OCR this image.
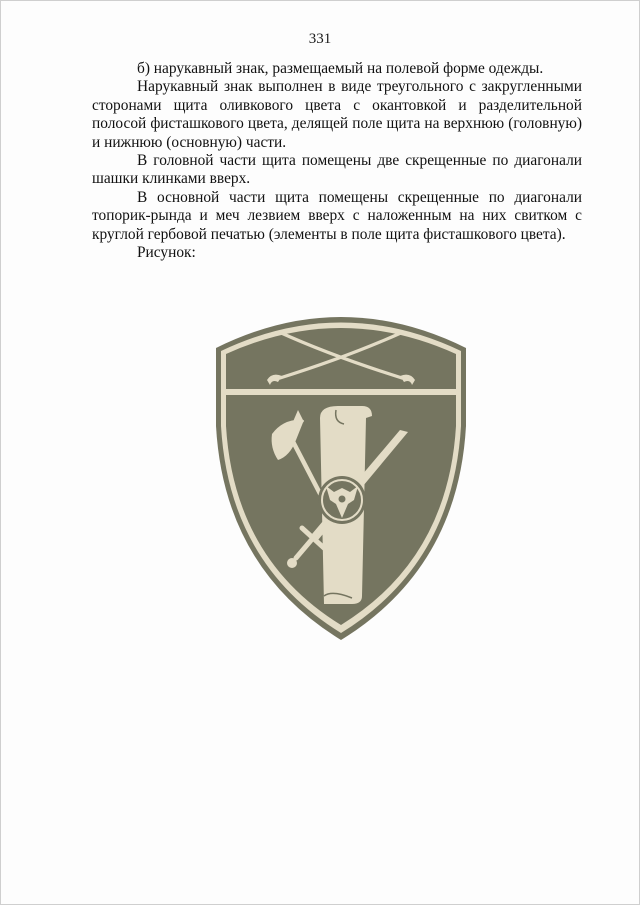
331

б) нарукавный знак, размещаемый на полевой форме одежды.

Нарукавный знак выполнен в виде треугольного с закругленными сторонами щита оливкового цвета с окантовкой и разделительной полосой фисташкового цвета, делящей поле щита на верхнюю (головную) и нижнюю (основную) части.

В головной части щита помещены две скрещенные по диагонали шашки клинками вверх.

В основной части щита помещены скрещенные по диагонали топорик-рында и меч лезвием вверх с наложенным на них свитком с круглой гербовой печатью (элементы в поле щита фисташкового цвета).

Рисунок:
